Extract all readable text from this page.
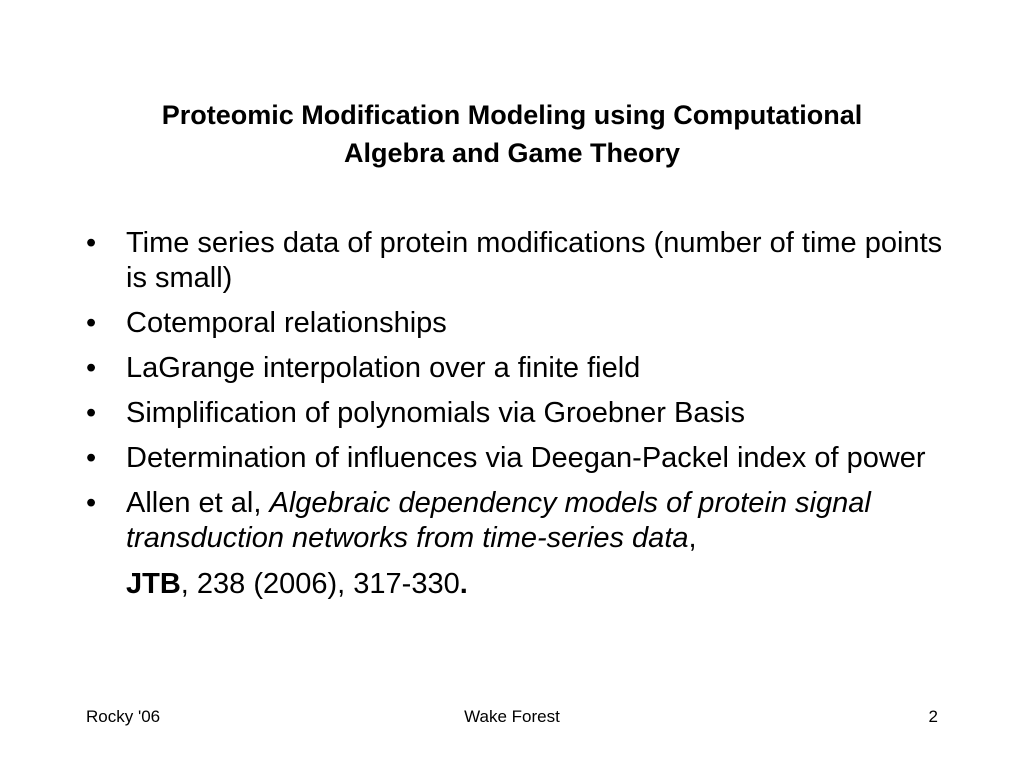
Proteomic Modification Modeling using Computational
Algebra and Game Theory
• Time series data of protein modifications (number of time points is small)
• Cotemporal relationships
• LaGrange interpolation over a finite field
• Simplification of polynomials via Groebner Basis
• Determination of influences via Deegan-Packel index of power
• Allen et al, Algebraic dependency models of protein signal transduction networks from time-series data,
JTB, 238 (2006), 317-330.
Rocky '06	Wake Forest	2
